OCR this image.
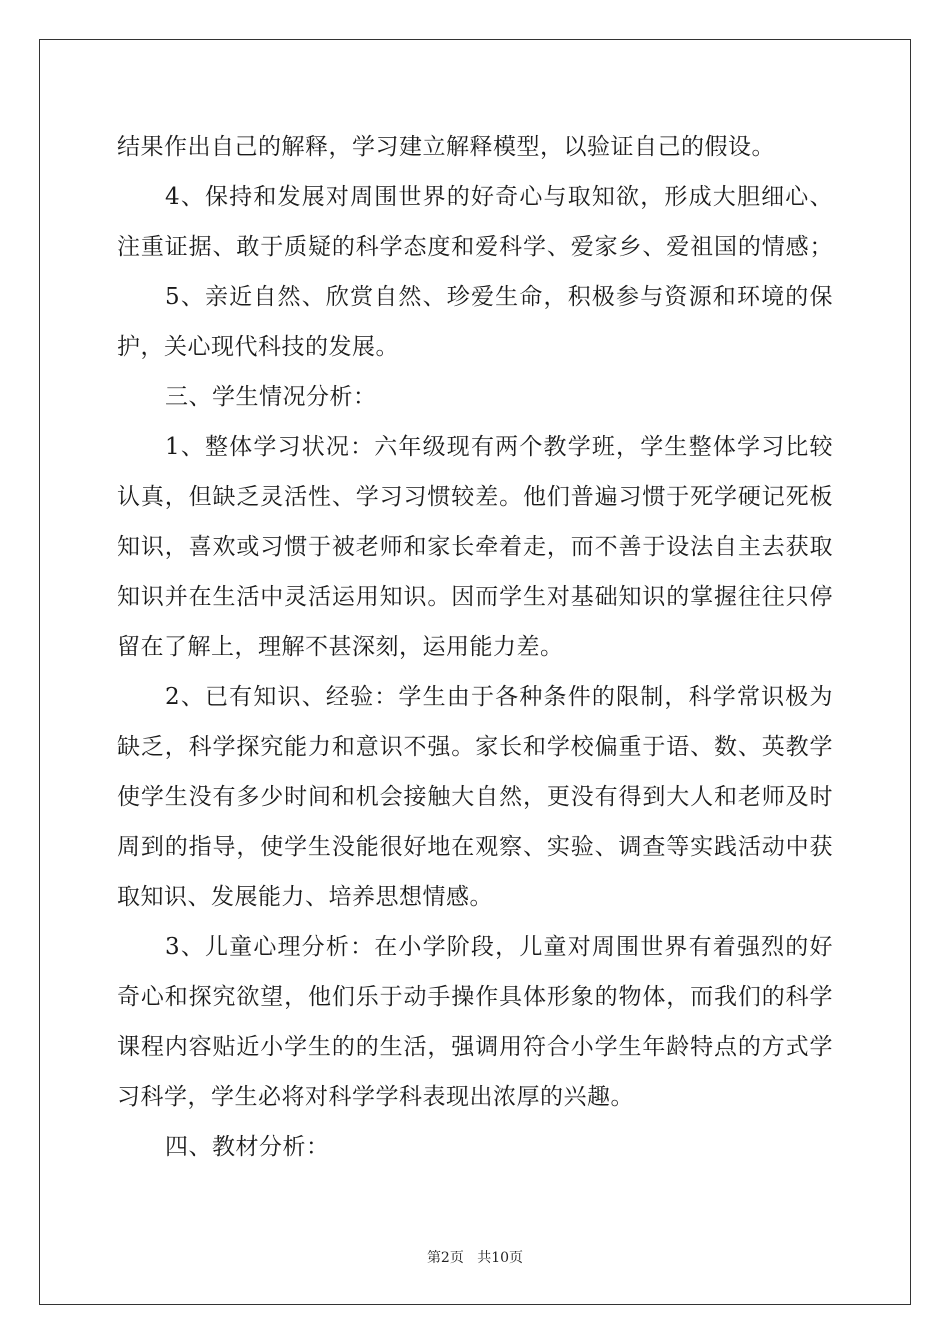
结果作出自己的解释，学习建立解释模型，以验证自己的假设。
4、保持和发展对周围世界的好奇心与取知欲，形成大胆细心、
注重证据、敢于质疑的科学态度和爱科学、爱家乡、爱祖国的情感；
5、亲近自然、欣赏自然、珍爱生命，积极参与资源和环境的保
护，关心现代科技的发展。
三、学生情况分析：
1、整体学习状况：六年级现有两个教学班，学生整体学习比较
认真，但缺乏灵活性、学习习惯较差。他们普遍习惯于死学硬记死板
知识，喜欢或习惯于被老师和家长牵着走，而不善于设法自主去获取
知识并在生活中灵活运用知识。因而学生对基础知识的掌握往往只停
留在了解上，理解不甚深刻，运用能力差。
2、已有知识、经验：学生由于各种条件的限制，科学常识极为
缺乏，科学探究能力和意识不强。家长和学校偏重于语、数、英教学
使学生没有多少时间和机会接触大自然，更没有得到大人和老师及时
周到的指导，使学生没能很好地在观察、实验、调查等实践活动中获
取知识、发展能力、培养思想情感。
3、儿童心理分析：在小学阶段，儿童对周围世界有着强烈的好
奇心和探究欲望，他们乐于动手操作具体形象的物体，而我们的科学
课程内容贴近小学生的的生活，强调用符合小学生年龄特点的方式学
习科学，学生必将对科学学科表现出浓厚的兴趣。
四、教材分析：
第2页 共10页
